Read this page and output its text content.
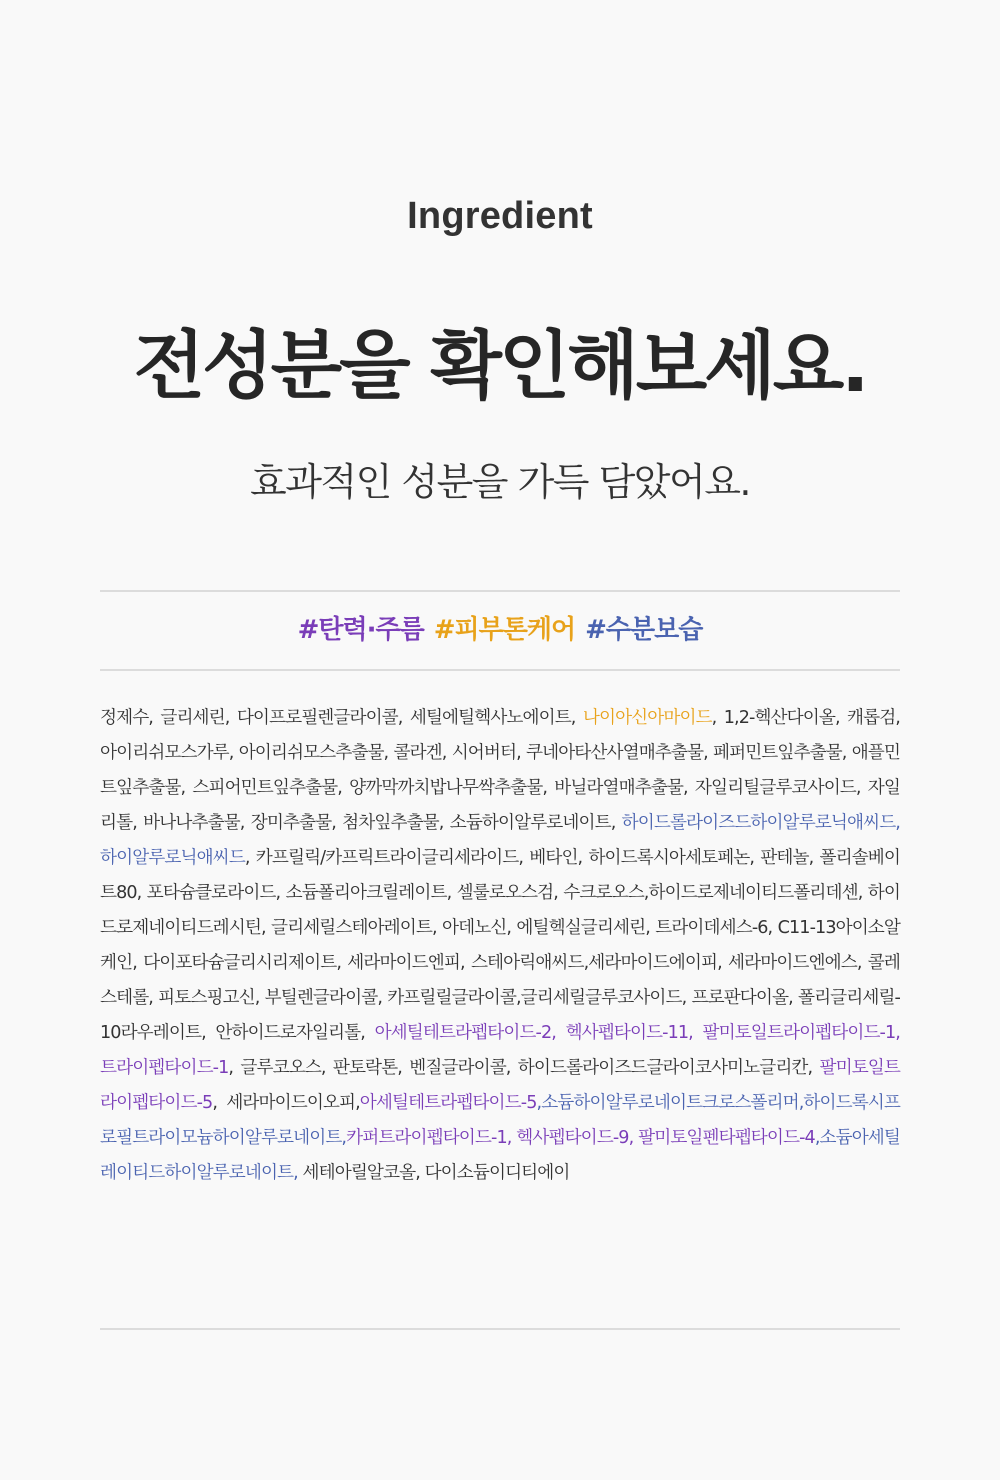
Ingredient
전성분을 확인해보세요.
효과적인 성분을 가득 담았어요.
#탄력·주름 #피부톤케어 #수분보습
정제수, 글리세린, 다이프로필렌글라이콜, 세틸에틸헥사노에이트, 나이아신아마이드, 1,2-헥산다이올, 캐롭검, 아이리쉬모스가루, 아이리쉬모스추출물, 콜라겐, 시어버터, 쿠네아타산사열매추출물, 페퍼민트잎추출물, 애플민트잎추출물, 스피어민트잎추출물, 양까막까치밥나무싹추출물, 바닐라열매추출물, 자일리틸글루코사이드, 자일리톨, 바나나추출물, 장미추출물, 첨차잎추출물, 소듐하이알루로네이트, 하이드롤라이즈드하이알루로닉애씨드, 하이알루로닉애씨드, 카프릴릭/카프릭트라이글리세라이드, 베타인, 하이드록시아세토페논, 판테놀, 폴리솔베이트80, 포타슘클로라이드, 소듐폴리아크릴레이트, 셀룰로오스검, 수크로오스,하이드로제네이티드폴리데센, 하이드로제네이티드레시틴, 글리세릴스테아레이트, 아데노신, 에틸헥실글리세린, 트라이데세스-6, C11-13아이소알케인, 다이포타슘글리시리제이트, 세라마이드엔피, 스테아릭애씨드,세라마이드에이피, 세라마이드엔에스, 콜레스테롤, 피토스핑고신, 부틸렌글라이콜, 카프릴릴글라이콜,글리세릴글루코사이드, 프로판다이올, 폴리글리세릴-10라우레이트, 안하이드로자일리톨, 아세틸테트라펩타이드-2, 헥사펩타이드-11, 팔미토일트라이펩타이드-1, 트라이펩타이드-1, 글루코오스, 판토락톤, 벤질글라이콜, 하이드롤라이즈드글라이코사미노글리칸, 팔미토일트라이펩타이드-5, 세라마이드이오피,아세틸테트라펩타이드-5,소듐하이알루로네이트크로스폴리머,하이드록시프로필트라이모늄하이알루로네이트,카퍼트라이펩타이드-1, 헥사펩타이드-9, 팔미토일펜타펩타이드-4,소듐아세틸레이티드하이알루로네이트, 세테아릴알코올, 다이소듐이디티에이
